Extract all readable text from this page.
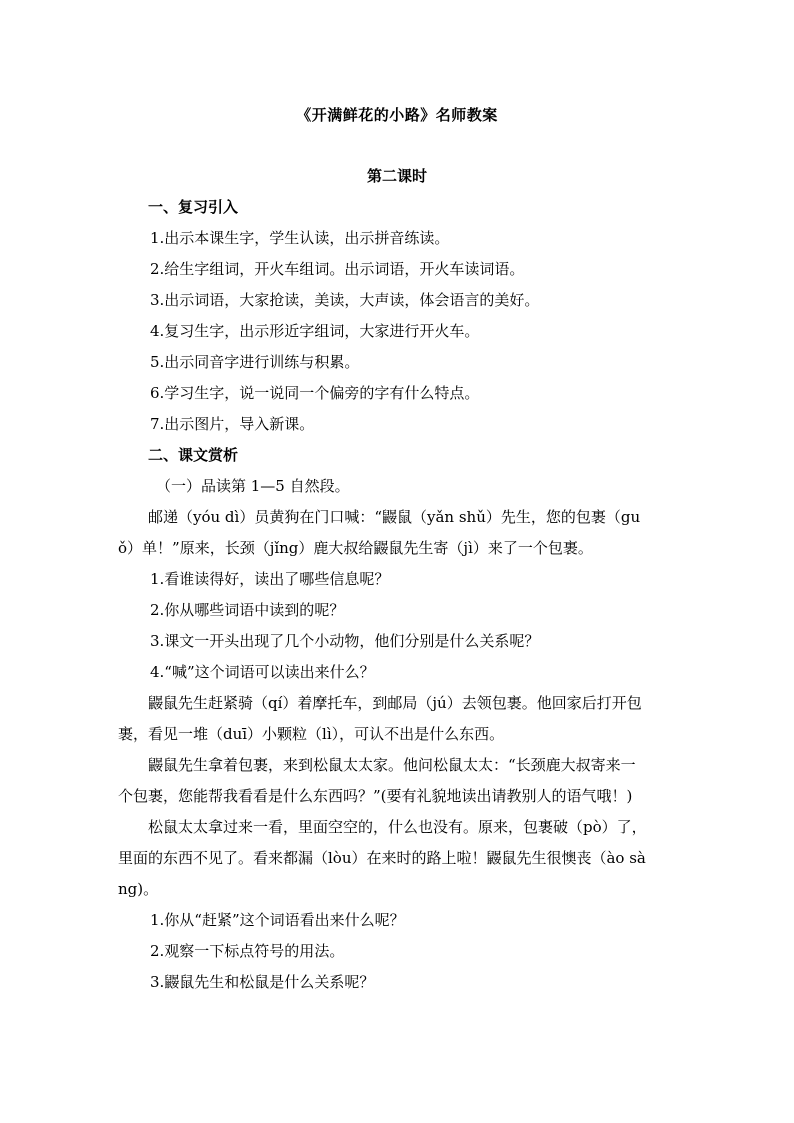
《开满鲜花的小路》名师教案
第二课时
一、复习引入
1.出示本课生字，学生认读，出示拼音练读。
2.给生字组词，开火车组词。出示词语，开火车读词语。
3.出示词语，大家抢读，美读，大声读，体会语言的美好。
4.复习生字，出示形近字组词，大家进行开火车。
5.出示同音字进行训练与积累。
6.学习生字，说一说同一个偏旁的字有什么特点。
7.出示图片，导入新课。
二、课文赏析
（一）品读第 1—5 自然段。
邮递（yóu dì）员黄狗在门口喊：“鼹鼠（yǎn shǔ）先生，您的包裹（gu
ǒ）单！”原来，长颈（jǐng）鹿大叔给鼹鼠先生寄（jì）来了一个包裹。
1.看谁读得好，读出了哪些信息呢？
2.你从哪些词语中读到的呢？
3.课文一开头出现了几个小动物，他们分别是什么关系呢？
4.“喊”这个词语可以读出来什么？
鼹鼠先生赶紧骑（qí）着摩托车，到邮局（jú）去领包裹。他回家后打开包
裹，看见一堆（duī）小颗粒（lì），可认不出是什么东西。
鼹鼠先生拿着包裹，来到松鼠太太家。他问松鼠太太：“长颈鹿大叔寄来一
个包裹，您能帮我看看是什么东西吗？”(要有礼貌地读出请教别人的语气哦！)
松鼠太太拿过来一看，里面空空的，什么也没有。原来，包裹破（pò）了，
里面的东西不见了。看来都漏（lòu）在来时的路上啦！鼹鼠先生很懊丧（ào sà
ng)。
1.你从“赶紧”这个词语看出来什么呢？
2.观察一下标点符号的用法。
3.鼹鼠先生和松鼠是什么关系呢？
